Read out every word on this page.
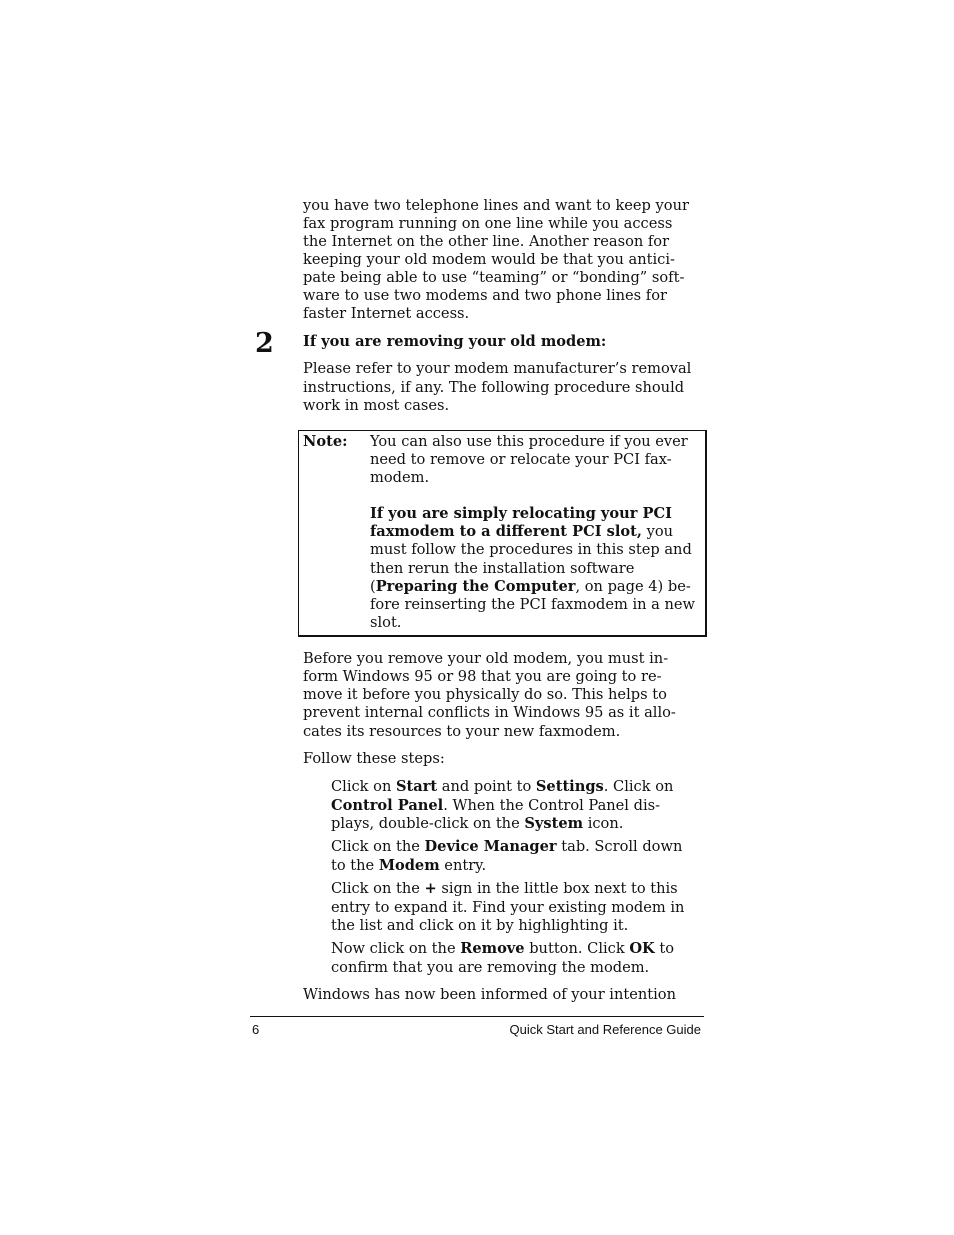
you have two telephone lines and want to keep your
fax program running on one line while you access
the Internet on the other line. Another reason for
keeping your old modem would be that you antici-
pate being able to use “teaming” or “bonding” soft-
ware to use two modems and two phone lines for
faster Internet access.
2 If you are removing your old modem:
Please refer to your modem manufacturer’s removal
instructions, if any. The following procedure should
work in most cases.
Note: You can also use this procedure if you ever
need to remove or relocate your PCI fax-
modem.
If you are simply relocating your PCI
faxmodem to a different PCI slot, you
must follow the procedures in this step and
then rerun the installation software
(Preparing the Computer, on page 4) be-
fore reinserting the PCI faxmodem in a new
slot.
Before you remove your old modem, you must in-
form Windows 95 or 98 that you are going to re-
move it before you physically do so. This helps to
prevent internal conflicts in Windows 95 as it allo-
cates its resources to your new faxmodem.
Follow these steps:
Click on Start and point to Settings. Click on
Control Panel. When the Control Panel dis-
plays, double-click on the System icon.
Click on the Device Manager tab. Scroll down
to the Modem entry.
Click on the + sign in the little box next to this
entry to expand it. Find your existing modem in
the list and click on it by highlighting it.
Now click on the Remove button. Click OK to
confirm that you are removing the modem.
Windows has now been informed of your intention
6	Quick Start and Reference Guide
